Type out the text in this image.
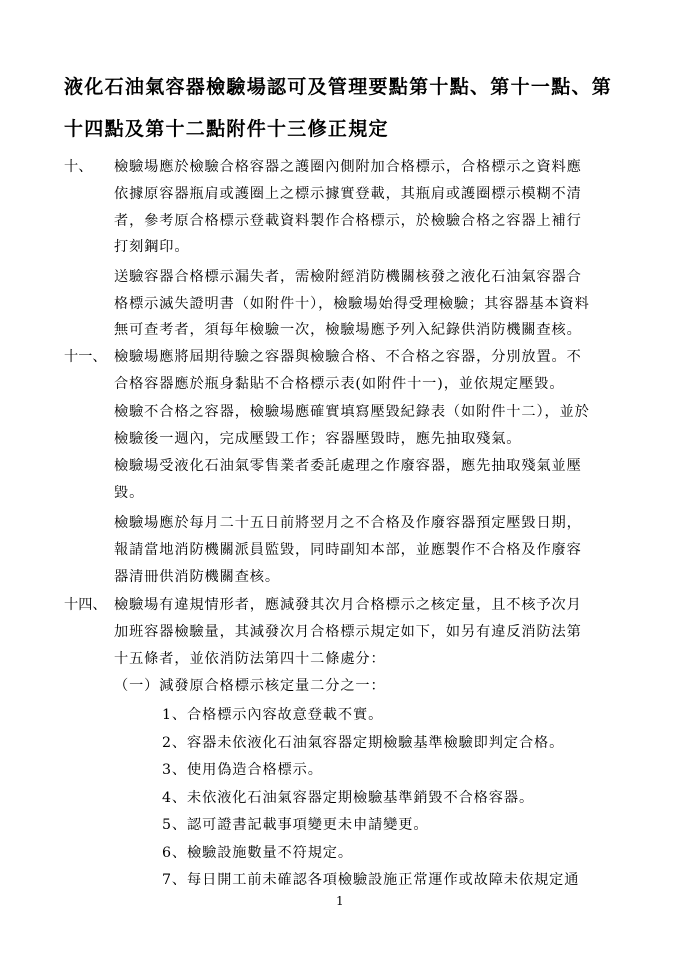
液化石油氣容器檢驗場認可及管理要點第十點、第十一點、第
十四點及第十二點附件十三修正規定
十、 檢驗場應於檢驗合格容器之護圈內側附加合格標示，合格標示之資料應
依據原容器瓶肩或護圈上之標示據實登載，其瓶肩或護圈標示模糊不清
者，參考原合格標示登載資料製作合格標示，於檢驗合格之容器上補行
打刻鋼印。
送驗容器合格標示漏失者，需檢附經消防機關核發之液化石油氣容器合
格標示滅失證明書（如附件十），檢驗場始得受理檢驗；其容器基本資料
無可查考者，須每年檢驗一次，檢驗場應予列入紀錄供消防機關查核。
十一、 檢驗場應將屆期待驗之容器與檢驗合格、不合格之容器，分別放置。不
合格容器應於瓶身黏貼不合格標示表(如附件十一)，並依規定壓毀。
檢驗不合格之容器，檢驗場應確實填寫壓毀紀錄表（如附件十二），並於
檢驗後一週內，完成壓毀工作；容器壓毀時，應先抽取殘氣。
檢驗場受液化石油氣零售業者委託處理之作廢容器，應先抽取殘氣並壓
毀。
檢驗場應於每月二十五日前將翌月之不合格及作廢容器預定壓毀日期，
報請當地消防機關派員監毀，同時副知本部，並應製作不合格及作廢容
器清冊供消防機關查核。
十四、 檢驗場有違規情形者，應減發其次月合格標示之核定量，且不核予次月
加班容器檢驗量，其減發次月合格標示規定如下，如另有違反消防法第
十五條者，並依消防法第四十二條處分：
（一）減發原合格標示核定量二分之一：
1、合格標示內容故意登載不實。
2、容器未依液化石油氣容器定期檢驗基準檢驗即判定合格。
3、使用偽造合格標示。
4、未依液化石油氣容器定期檢驗基準銷毀不合格容器。
5、認可證書記載事項變更未申請變更。
6、檢驗設施數量不符規定。
7、每日開工前未確認各項檢驗設施正常運作或故障未依規定通
1
